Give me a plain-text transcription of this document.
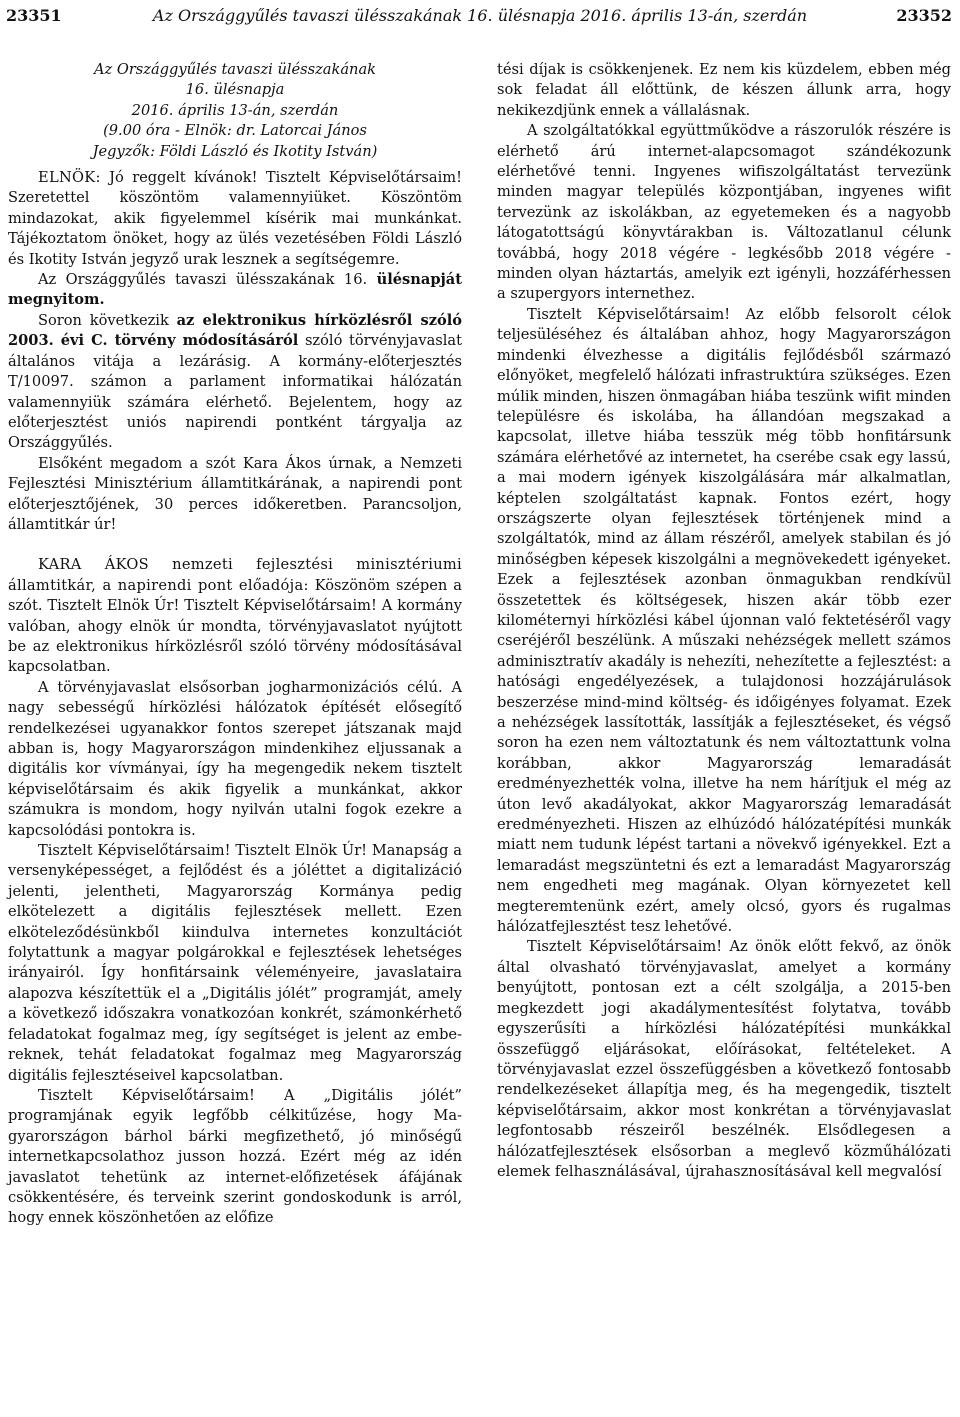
23351	Az Országgyűlés tavaszi ülésszakának 16. ülésnapja 2016. április 13-án, szerdán	23352
Az Országgyűlés tavaszi ülésszakának
16. ülésnapja
2016. április 13-án, szerdán
(9.00 óra - Elnök: dr. Latorcai János
Jegyzők: Földi László és Ikotity István)

ELNÖK: Jó reggelt kívánok! Tisztelt Képviselőtársaim! Szeretettel köszöntöm valamennyiüket. Köszöntöm mindazokat, akik figyelemmel kísérik mai munkánkat. Tájékoztatom önöket, hogy az ülés vezetésében Földi László és Ikotity István jegyző urak lesznek a segítségemre.

Az Országgyűlés tavaszi ülésszakának 16. ülésnapját megnyitom.

Soron következik az elektronikus hírközlésről szóló 2003. évi C. törvény módosításáról szóló törvényjavaslat általános vitája a lezárásig. A kormány-előterjesztés T/10097. számon a parlament informatikai hálózatán valamennyiük számára elérhető. Bejelentem, hogy az előterjesztést uniós napirendi pontként tárgyalja az Országgyűlés.

Elsőként megadom a szót Kara Ákos úrnak, a Nemzeti Fejlesztési Minisztérium államtitkárának, a napirendi pont előterjesztőjének, 30 perces időkeretben. Parancsoljon, államtitkár úr!

KARA ÁKOS nemzeti fejlesztési minisztériumi államtitkár, a napirendi pont előadója: Köszönöm szépen a szót. Tisztelt Elnök Úr! Tisztelt Képviselőtársaim! A kormány valóban, ahogy elnök úr mondta, törvényjavaslatot nyújtott be az elektronikus hírközlésről szóló törvény módosításával kapcsolatban.

A törvényjavaslat elsősorban jogharmonizációs célú. A nagy sebességű hírközlési hálózatok építését elősegítő rendelkezései ugyanakkor fontos szerepet játszanak majd abban is, hogy Magyarországon mindenkihez eljussanak a digitális kor vívmányai, így ha megengedik nekem tisztelt képviselőtársaim és akik figyelik a munkánkat, akkor számukra is mondom, hogy nyilván utalni fogok ezekre a kapcsolódási pontokra is.

Tisztelt Képviselőtársaim! Tisztelt Elnök Úr! Manapság a versenyképességet, a fejlődést és a jóléttet a digitalizáció jelenti, jelentheti, Magyarország Kormánya pedig elkötelezett a digitális fejlesztések mellett. Ezen elköteleződésünkből kiindulva internetes konzultációt folytattunk a magyar polgárokkal e fejlesztések lehetséges irányairól. Így honfitársaink véleményeire, javaslataira alapozva készítettük el a „Digitális jólét” programját, amely a következő időszakra vonatkozóan konkrét, számonkérhető feladatokat fogalmaz meg, így segítséget is jelent az embereknek, tehát feladatokat fogalmaz meg Magyarország digitális fejlesztéseivel kapcsolatban.

Tisztelt Képviselőtársaim! A „Digitális jólét” programjának egyik legfőbb célkitűzése, hogy Magyarországon bárhol bárki megfizethető, jó minőségű internetkapcsolathoz jusson hozzá. Ezért még az idén javaslatot tehetünk az internet-előfizetések áfájának csökkentésére, és terveink szerint gondoskodunk is arról, hogy ennek köszönhetően az előfize

tési díjak is csökkenjenek. Ez nem kis küzdelem, ebben még sok feladat áll előttünk, de készen állunk arra, hogy nekikezdjünk ennek a vállalásnak.

A szolgáltatókkal együttműködve a rászorulók részére is elérhető árú internet-alapcsomagot szándékozunk elérhetővé tenni. Ingyenes wifiszolgáltatást tervezünk minden magyar település központjában, ingyenes wifit tervezünk az iskolákban, az egyetemeken és a nagyobb látogatottságú könyvtárakban is. Változatlanul célunk továbbá, hogy 2018 végére - legkésőbb 2018 végére - minden olyan háztartás, amelyik ezt igényli, hozzáférhessen a szupergyors internethez.

Tisztelt Képviselőtársaim! Az előbb felsorolt célok teljesüléséhez és általában ahhoz, hogy Magyarországon mindenki élvezhesse a digitális fejlődésből származó előnyöket, megfelelő hálózati infrastruktúra szükséges. Ezen múlik minden, hiszen önmagában hiába teszünk wifit minden településre és iskolába, ha állandóan megszakad a kapcsolat, illetve hiába tesszük még több honfitársunk számára elérhetővé az internetet, ha cserébe csak egy lassú, a mai modern igények kiszolgálására már alkalmatlan, képtelen szolgáltatást kapnak. Fontos ezért, hogy országszerte olyan fejlesztések történjenek mind a szolgáltatók, mind az állam részéről, amelyek stabilan és jó minőségben képesek kiszolgálni a megnövekedett igényeket. Ezek a fejlesztések azonban önmagukban rendkívül összetettek és költségesek, hiszen akár több ezer kilométernyi hírközlési kábel újonnan való fektetéséről vagy cseréjéről beszélünk. A műszaki nehézségek mellett számos adminisztratív akadály is nehezíti, nehezítette a fejlesztést: a hatósági engedélyezések, a tulajdonosi hozzájárulások beszerzése mind-mind költség- és időigényes folyamat. Ezek a nehézségek lassították, lassítják a fejlesztéseket, és végső soron ha ezen nem változtatunk és nem változtattunk volna korábban, akkor Magyarország lemaradását eredményezhették volna, illetve ha nem hárítjuk el még az úton levő akadályokat, akkor Magyarország lemaradását eredményezheti. Hiszen az elhúzódó hálózatépítési munkák miatt nem tudunk lépést tartani a növekvő igényekkel. Ezt a lemaradást megszüntetni és ezt a lemaradást Magyarország nem engedheti meg magának. Olyan környezetet kell megteremtenünk ezért, amely olcsó, gyors és rugalmas hálózatfejlesztést tesz lehetővé.

Tisztelt Képviselőtársaim! Az önök előtt fekvő, az önök által olvasható törvényjavaslat, amelyet a kormány benyújtott, pontosan ezt a célt szolgálja, a 2015-ben megkezdett jogi akadálymentesítést folytatva, tovább egyszerűsíti a hírközlési hálózatépítési munkákkal összefüggő eljárásokat, előírásokat, feltételeket. A törvényjavaslat ezzel összefüggésben a következő fontosabb rendelkezéseket állapítja meg, és ha megengedik, tisztelt képviselőtársaim, akkor most konkrétan a törvényjavaslat legfontosabb részeiről beszélnék. Elsődlegesen a hálózatfejlesztések elsősorban a meglevő közműhálózati elemek felhasználásával, újrahasznosításával kell megvalósí
